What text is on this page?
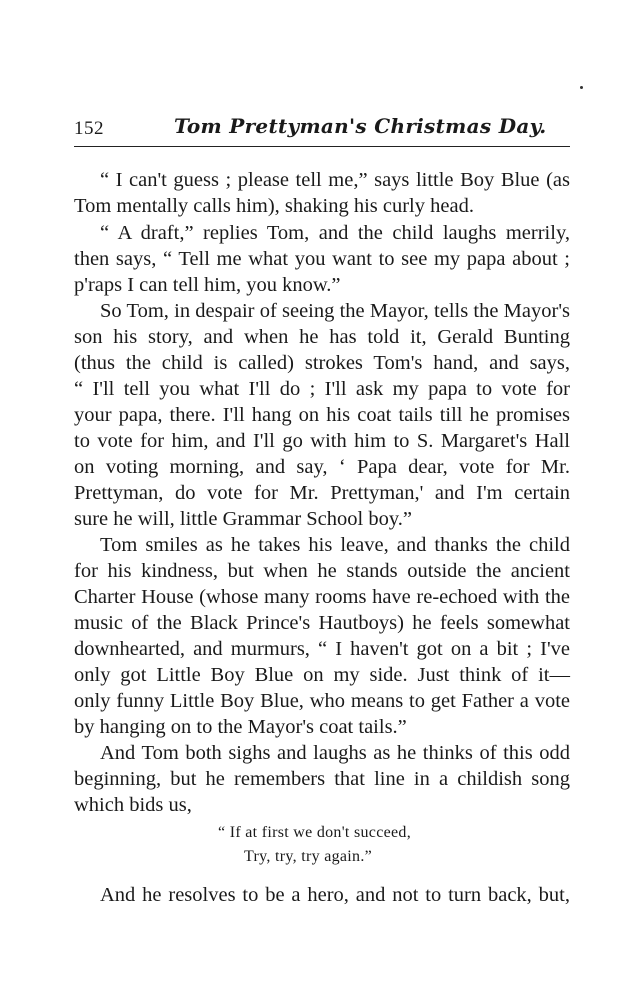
152	Tom Prettyman's Christmas Day.
“ I can't guess ; please tell me,” says little Boy Blue (as
Tom mentally calls him), shaking his curly head.
“ A draft,” replies Tom, and the child laughs merrily,
then says, “ Tell me what you want to see my papa about ;
p'raps I can tell him, you know.”
So Tom, in despair of seeing the Mayor, tells the Mayor's
son his story, and when he has told it, Gerald Bunting
(thus the child is called) strokes Tom's hand, and says,
“ I'll tell you what I'll do ; I'll ask my papa to vote for
your papa, there. I'll hang on his coat tails till he promises
to vote for him, and I'll go with him to S. Margaret's Hall
on voting morning, and say, ‘ Papa dear, vote for Mr.
Prettyman, do vote for Mr. Prettyman,' and I'm certain
sure he will, little Grammar School boy.”
Tom smiles as he takes his leave, and thanks the child
for his kindness, but when he stands outside the ancient
Charter House (whose many rooms have re-echoed with the
music of the Black Prince's Hautboys) he feels somewhat
downhearted, and murmurs, “ I haven't got on a bit ; I've
only got Little Boy Blue on my side. Just think of it—
only funny Little Boy Blue, who means to get Father a vote
by hanging on to the Mayor's coat tails.”
And Tom both sighs and laughs as he thinks of this odd
beginning, but he remembers that line in a childish song
which bids us,
“ If at first we don't succeed,
Try, try, try again.”
And he resolves to be a hero, and not to turn back, but,
